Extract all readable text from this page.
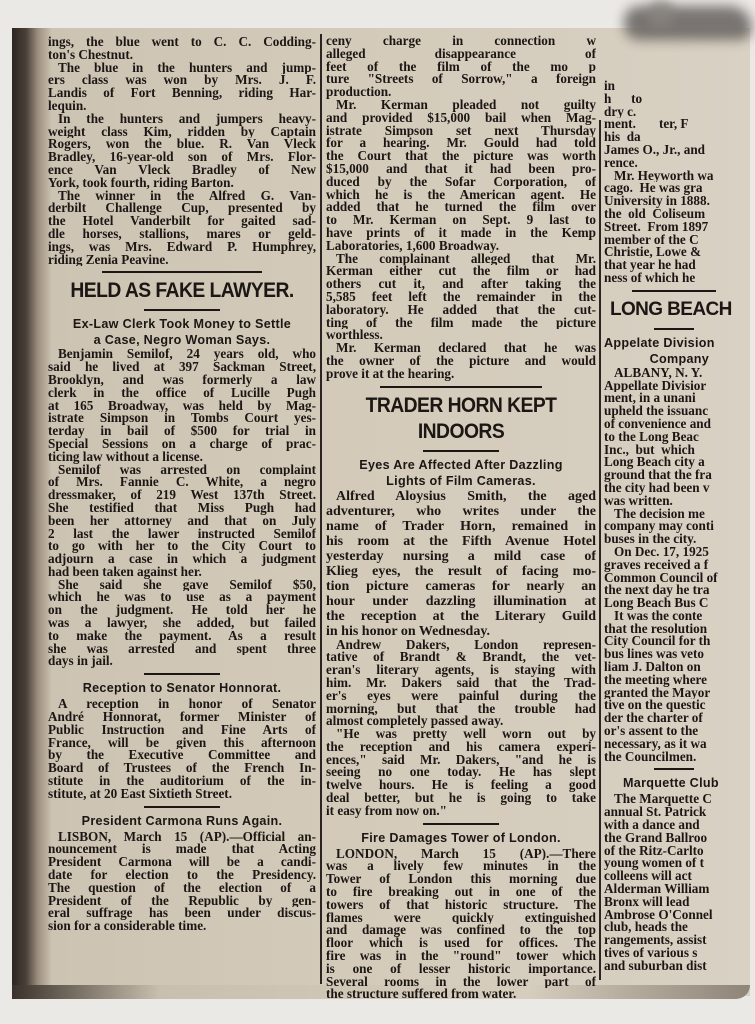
ings, the blue went to C. C. Codding-
ton's Chestnut.
The blue in the hunters and jump-
ers class was won by Mrs. J. F.
Landis of Fort Benning, riding Har-
lequin.
In the hunters and jumpers heavy-
weight class Kim, ridden by Captain
Rogers, won the blue. R. Van Vleck
Bradley, 16-year-old son of Mrs. Flor-
ence Van Vleck Bradley of New
York, took fourth, riding Barton.
The winner in the Alfred G. Van-
derbilt Challenge Cup, presented by
the Hotel Vanderbilt for gaited sad-
dle horses, stallions, mares or geld-
ings, was Mrs. Edward P. Humphrey,
riding Zenia Peavine.
HELD AS FAKE LAWYER.
Ex-Law Clerk Took Money to Settle
a Case, Negro Woman Says.
Benjamin Semilof, 24 years old, who
said he lived at 397 Sackman Street,
Brooklyn, and was formerly a law
clerk in the office of Lucille Pugh
at 165 Broadway, was held by Mag-
istrate Simpson in Tombs Court yes-
terday in bail of $500 for trial in
Special Sessions on a charge of prac-
ticing law without a license.
Semilof was arrested on complaint
of Mrs. Fannie C. White, a negro
dressmaker, of 219 West 137th Street.
She testified that Miss Pugh had
been her attorney and that on July
2 last the lawer instructed Semilof
to go with her to the City Court to
adjourn a case in which a judgment
had been taken against her.
She said she gave Semilof $50,
which he was to use as a payment
on the judgment. He told her he
was a lawyer, she added, but failed
to make the payment. As a result
she was arrested and spent three
days in jail.
Reception to Senator Honnorat.
A reception in honor of Senator
André Honnorat, former Minister of
Public Instruction and Fine Arts of
France, will be given this afternoon
by the Executive Committee and
Board of Trustees of the French In-
stitute in the auditorium of the in-
stitute, at 20 East Sixtieth Street.
President Carmona Runs Again.
LISBON, March 15 (AP).—Official an-
nouncement is made that Acting
President Carmona will be a candi-
date for election to the Presidency.
The question of the election of a
President of the Republic by gen-
eral suffrage has been under discus-
sion for a considerable time.
ceny charge in connection w
alleged disappearance of
feet of the film of the mo p
ture "Streets of Sorrow," a foreign
production.
Mr. Kerman pleaded not guilty
and provided $15,000 bail when Mag-
istrate Simpson set next Thursday
for a hearing. Mr. Gould had told
the Court that the picture was worth
$15,000 and that it had been pro-
duced by the Sofar Corporation, of
which he is the American agent. He
added that he turned the film over
to Mr. Kerman on Sept. 9 last to
have prints of it made in the Kemp
Laboratories, 1,600 Broadway.
The complainant alleged that Mr.
Kerman either cut the film or had
others cut it, and after taking the
5,585 feet left the remainder in the
laboratory. He added that the cut-
ting of the film made the picture
worthless.
Mr. Kerman declared that he was
the owner of the picture and would
prove it at the hearing.
TRADER HORN KEPT INDOORS
Eyes Are Affected After Dazzling
Lights of Film Cameras.
Alfred Aloysius Smith, the aged
adventurer, who writes under the
name of Trader Horn, remained in
his room at the Fifth Avenue Hotel
yesterday nursing a mild case of
Klieg eyes, the result of facing mo-
tion picture cameras for nearly an
hour under dazzling illumination at
the reception at the Literary Guild
in his honor on Wednesday.
Andrew Dakers, London represen-
tative of Brandt & Brandt, the vet-
eran's literary agents, is staying with
him. Mr. Dakers said that the Trad-
er's eyes were painful during the
morning, but that the trouble had
almost completely passed away.
"He was pretty well worn out by
the reception and his camera experi-
ences," said Mr. Dakers, "and he is
seeing no one today. He has slept
twelve hours. He is feeling a good
deal better, but he is going to take
it easy from now on."
Fire Damages Tower of London.
LONDON, March 15 (AP).—There
was a lively few minutes in the
Tower of London this morning due
to fire breaking out in one of the
towers of that historic structure. The
flames were quickly extinguished
and damage was confined to the top
floor which is used for offices. The
fire was in the "round" tower which
is one of lesser historic importance.
Several rooms in the lower part of
the structure suffered from water.
in
h      to
dry c.
ment.       ter, F
his  da
James O., Jr., and
rence.
Mr. Heyworth wa
cago.  He was gra
University in 1888.
the  old  Coliseum
Street.  From 1897
member of the C
Christie, Lowe &
that year he had
ness of which he
LONG BEACH
Appelate Division
Company
ALBANY, N. Y.
Appellate Divisior
ment, in a unani
upheld the issuanc
of convenience and
to the Long Beac
Inc.,  but  which
Long Beach city a
ground that the fra
the city had been v
was written.
The decision me
company may conti
buses in the city.
On Dec. 17, 1925
graves received a f
Common Council of
the next day he tra
Long Beach Bus C
It was the conte
that the resolution
City Council for th
bus lines was veto
liam J. Dalton on
the meeting where
granted the Mayor
tive on the questic
der the charter of
or's assent to the
necessary, as it wa
the Councilmen.
Marquette Club
The Marquette C
annual St. Patrick
with a dance and
the Grand Ballroo
of the Ritz-Carlto
young women of t
colleens will act
Alderman William
Bronx will lead
Ambrose O'Connel
club, heads the
rangements, assist
tives of various s
and suburban dist
